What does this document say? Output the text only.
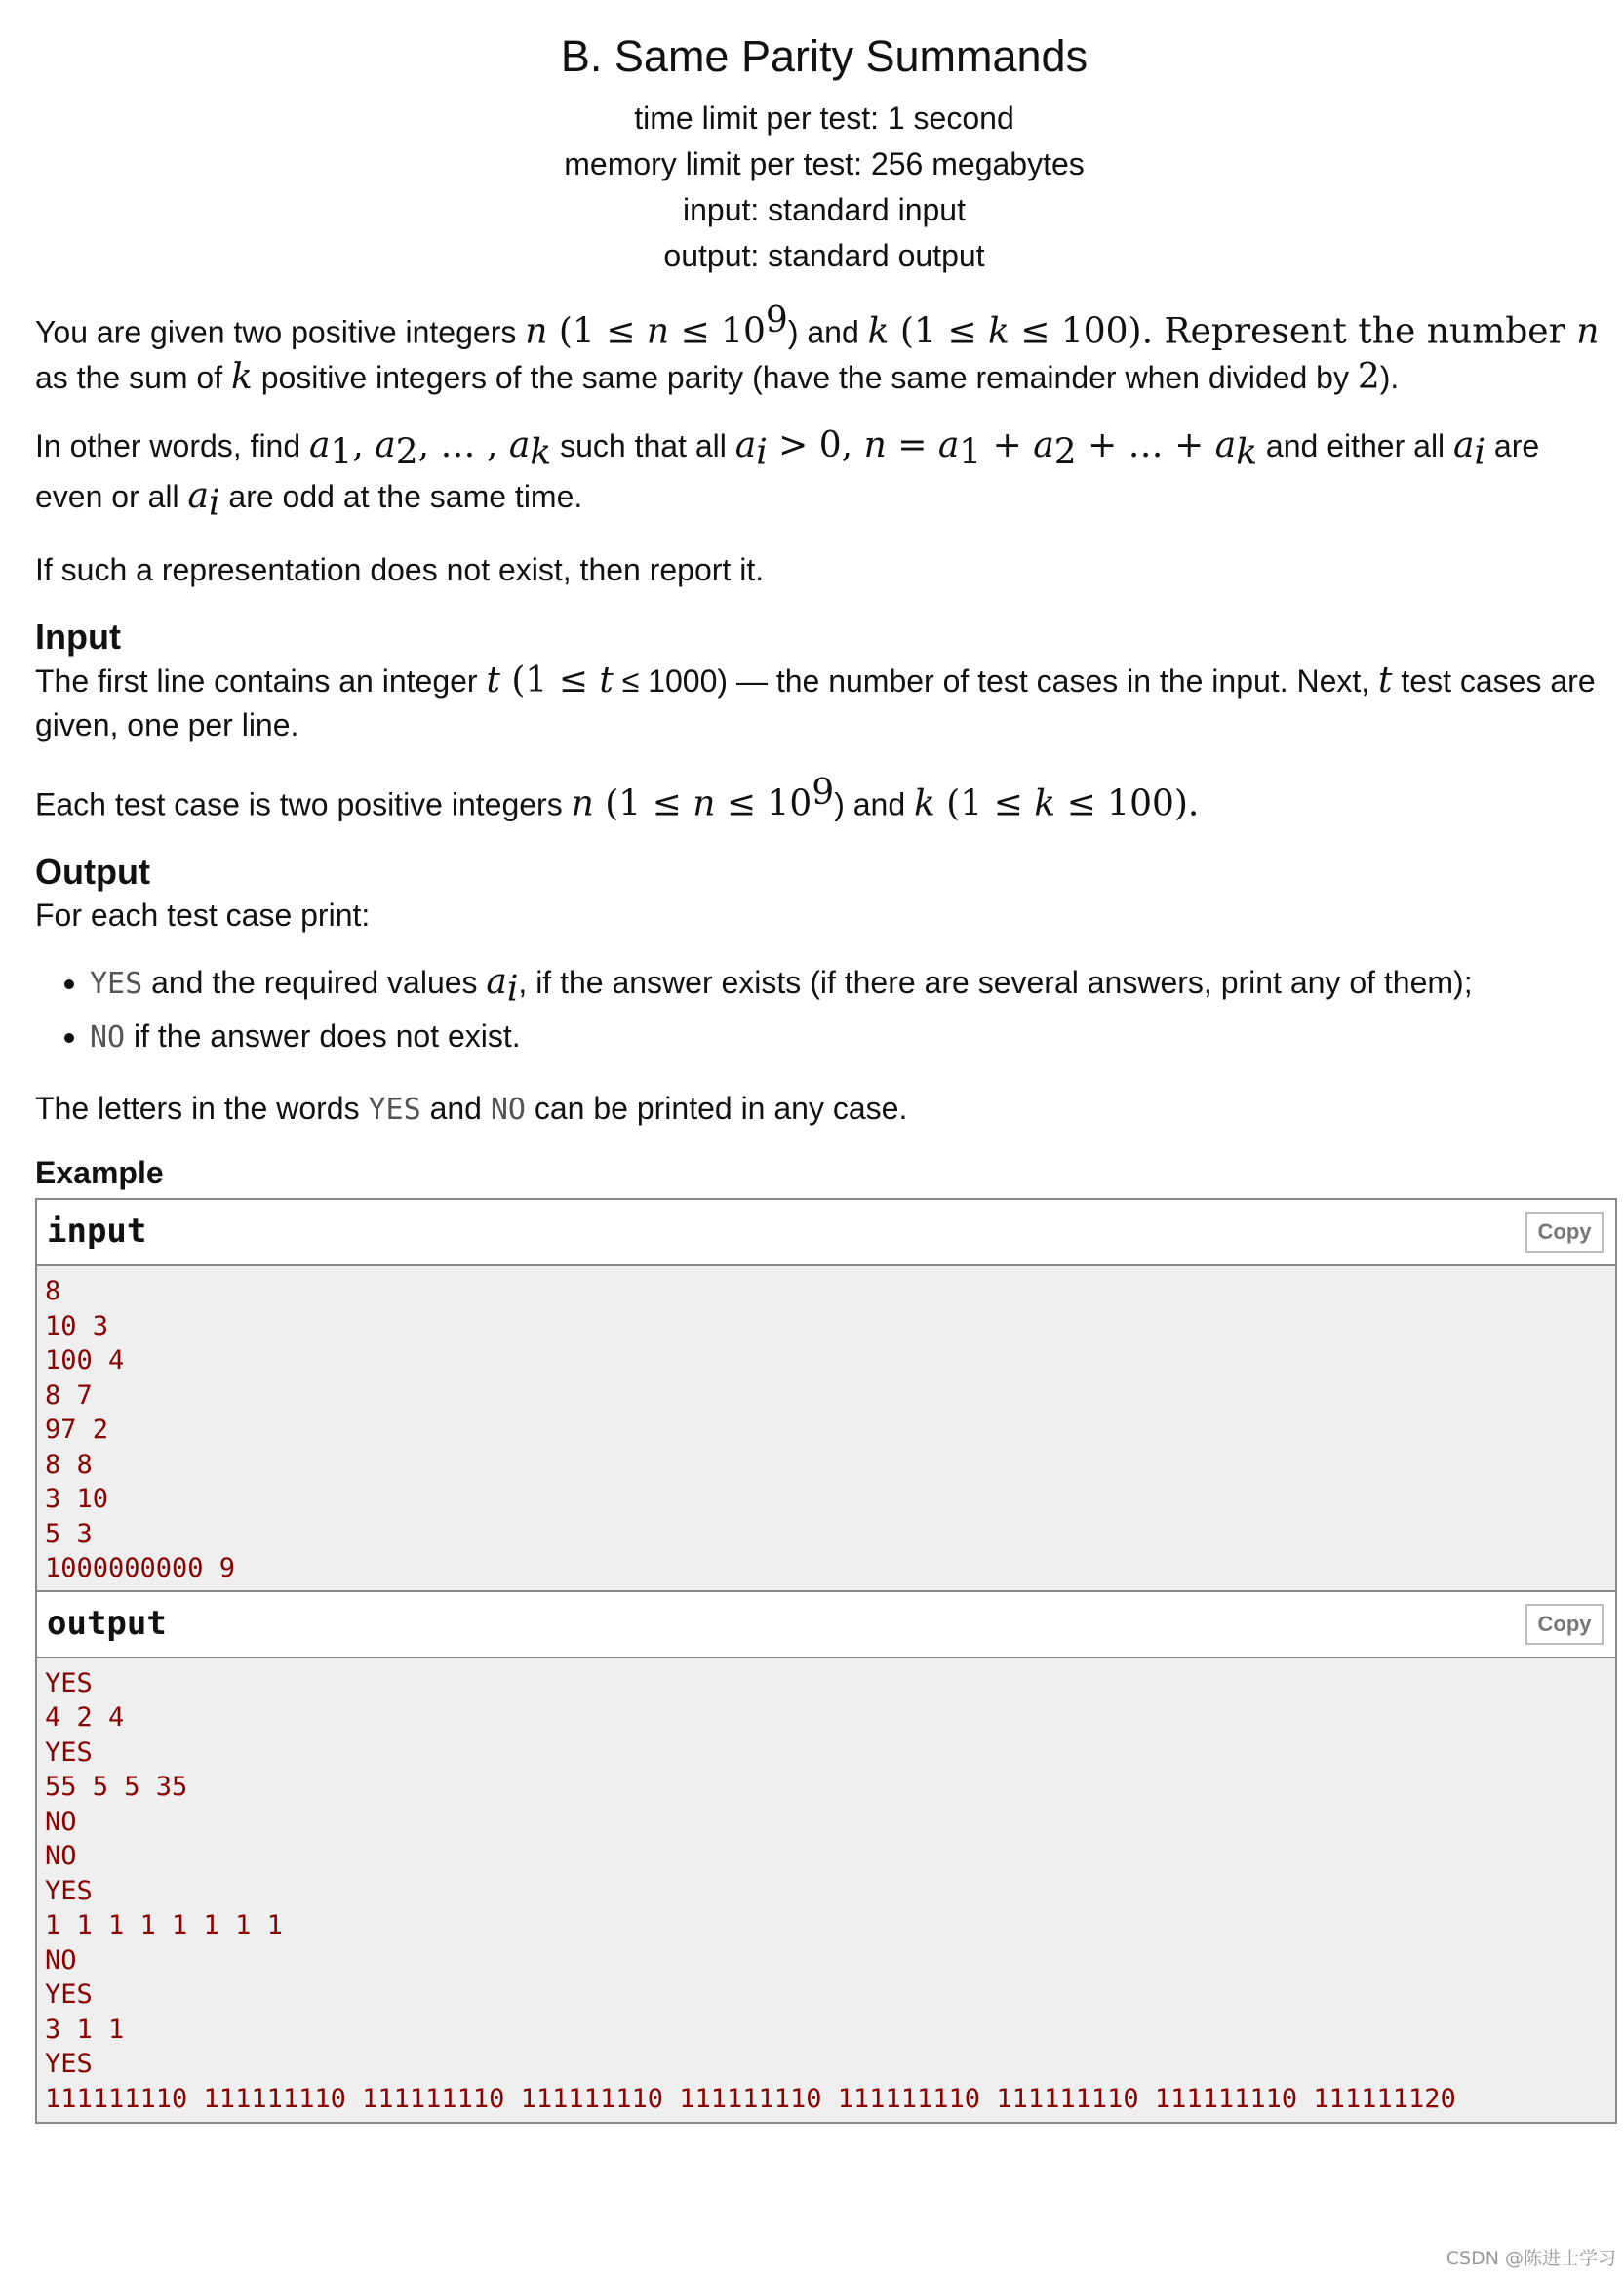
B. Same Parity Summands
time limit per test: 1 second
memory limit per test: 256 megabytes
input: standard input
output: standard output

You are given two positive integers n $(1 \le n \le 10^9)$ and k (1 ≤ k ≤ 100). Represent the number n as the sum of k positive integers of the same parity (have the same remainder when divided by 2).

In other words, find $a_1$, $a_2$, … , $a_k$ such that all $a_i > 0$, $n = a_1 + a_2$ + … + $a_k$ and either all $a_i$ are even or all $a_i$ are odd at the same time.

If such a representation does not exist, then report it.

Input

The first line contains an integer t (1 ≤ t ≤ 1000) — the number of test cases in the input. Next, t test cases are given, one per line.

Each test case is two positive integers n $(1 \le n \le 10^9)$ and k (1 ≤ k ≤ 100).

Output

For each test case print:

• YES and the required values $a_i$, if the answer exists (if there are several answers, print any of them);
• NO if the answer does not exist.

The letters in the words YES and NO can be printed in any case.

Example
input	Copy
8
10 3
100 4
8 7
97 2
8 8
3 10
5 3
1000000000 9
output	Copy
YES
4 2 4
YES
55 5 5 35
NO
NO
YES
1 1 1 1 1 1 1 1
NO
YES
3 1 1
YES
111111110 111111110 111111110 111111110 111111110 111111110 111111110 111111110 111111120
CSDN @陈进士学习
